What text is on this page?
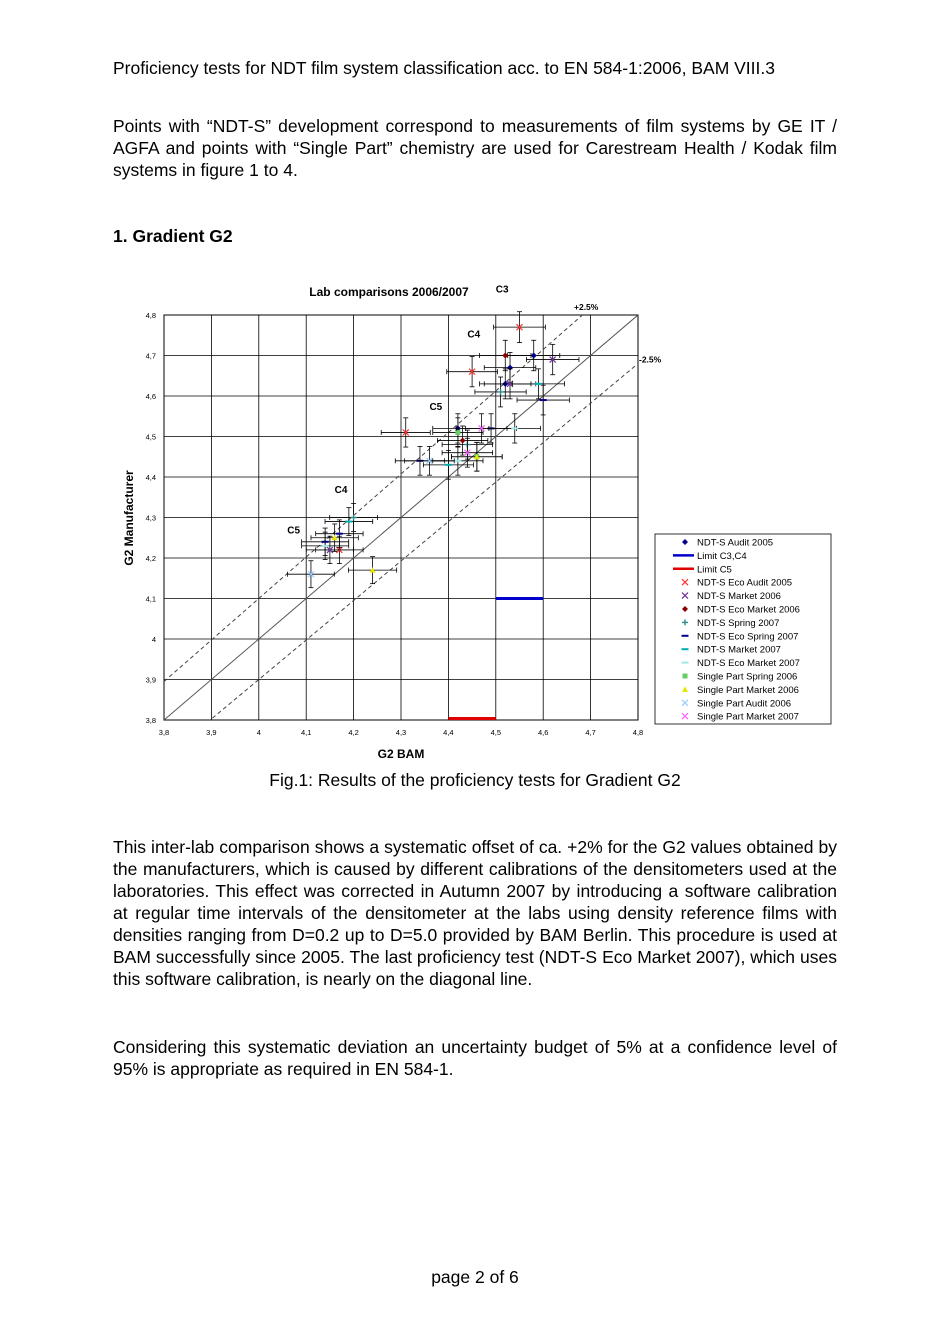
Proficiency tests for NDT film system classification acc. to EN 584-1:2006, BAM VIII.3
Points with “NDT-S” development correspond to measurements of film systems by GE IT / AGFA and points with “Single Part” chemistry are used for Carestream Health / Kodak film systems in figure 1 to 4.
1. Gradient G2
Lab comparisons 2006/2007
+2.5%
-2.5%
C3
C4
C5
C4
C5
3,8	3,9	4	4,1	4,2	4,3	4,4	4,5	4,6	4,7	4,8
3,8
3,9
4
4,1
4,2
4,3
4,4
4,5
4,6
4,7
4,8
G2 BAM
G2 Manufacturer	NDT-S Audit 2005
Limit C3,C4
Limit C5
NDT-S Eco Audit 2005
NDT-S Market 2006
NDT-S Eco Market 2006
NDT-S Spring 2007
NDT-S Eco Spring 2007
NDT-S Market 2007
NDT-S Eco Market 2007
Single Part Spring 2006
Single Part Market 2006
Single Part Audit 2006
Single Part Market 2007
Fig.1: Results of the proficiency tests for Gradient G2
This inter-lab comparison shows a systematic offset of ca. +2% for the G2 values obtained by the manufacturers, which is caused by different calibrations of the densitometers used at the laboratories. This effect was corrected in Autumn 2007 by introducing a software calibration at regular time intervals of the densitometer at the labs using density reference films with densities ranging from D=0.2 up to D=5.0 provided by BAM Berlin. This procedure is used at BAM successfully since 2005. The last proficiency test (NDT-S Eco Market 2007), which uses this software calibration, is nearly on the diagonal line.
Considering this systematic deviation an uncertainty budget of 5% at a confidence level of 95% is appropriate as required in EN 584-1.
page 2 of 6
